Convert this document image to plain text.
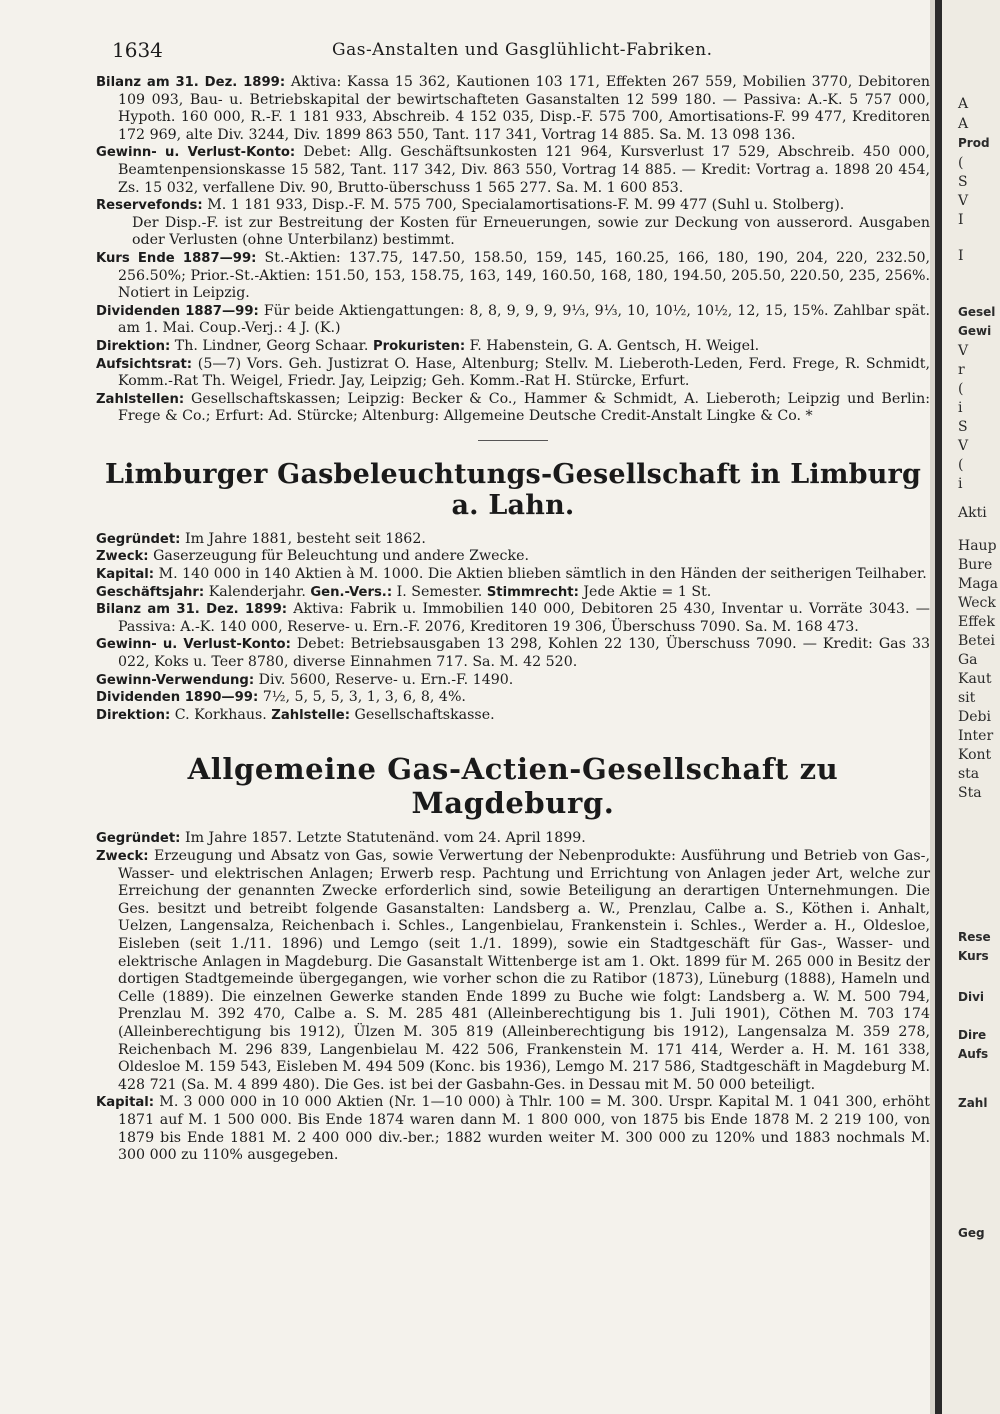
A
A
Prod
(
S
V
I
I
Gesel
Gewi
V
r
(
i
S
V
(
i
Akti
Haup
Bure
Maga
Weck
Effek
Betei
Ga
Kaut
sit
Debi
Inter
Kont
sta
Sta
Rese
Kurs
Divi
Dire
Aufs
Zahl
Geg
1634	Gas-Anstalten und Gasglühlicht-Fabriken.

Bilanz am 31. Dez. 1899: Aktiva: Kassa 15 362, Kautionen 103 171, Effekten 267 559, Mobilien 3770, Debitoren 109 093, Bau- u. Betriebskapital der bewirtschafteten Gasanstalten 12 599 180. — Passiva: A.-K. 5 757 000, Hypoth. 160 000, R.-F. 1 181 933, Abschreib. 4 152 035, Disp.-F. 575 700, Amortisations-F. 99 477, Kreditoren 172 969, alte Div. 3244, Div. 1899 863 550, Tant. 117 341, Vortrag 14 885. Sa. M. 13 098 136.

Gewinn- u. Verlust-Konto: Debet: Allg. Geschäftsunkosten 121 964, Kursverlust 17 529, Abschreib. 450 000, Beamtenpensionskasse 15 582, Tant. 117 342, Div. 863 550, Vortrag 14 885. — Kredit: Vortrag a. 1898 20 454, Zs. 15 032, verfallene Div. 90, Brutto-überschuss 1 565 277. Sa. M. 1 600 853.

Reservefonds: M. 1 181 933, Disp.-F. M. 575 700, Specialamortisations-F. M. 99 477 (Suhl u. Stolberg).

Der Disp.-F. ist zur Bestreitung der Kosten für Erneuerungen, sowie zur Deckung von ausserord. Ausgaben oder Verlusten (ohne Unterbilanz) bestimmt.

Kurs Ende 1887—99: St.-Aktien: 137.75, 147.50, 158.50, 159, 145, 160.25, 166, 180, 190, 204, 220, 232.50, 256.50%; Prior.-St.-Aktien: 151.50, 153, 158.75, 163, 149, 160.50, 168, 180, 194.50, 205.50, 220.50, 235, 256%. Notiert in Leipzig.

Dividenden 1887—99: Für beide Aktiengattungen: 8, 8, 9, 9, 9, 9⅓, 9⅓, 10, 10½, 10½, 12, 15, 15%. Zahlbar spät. am 1. Mai. Coup.-Verj.: 4 J. (K.)

Direktion: Th. Lindner, Georg Schaar. Prokuristen: F. Habenstein, G. A. Gentsch, H. Weigel.

Aufsichtsrat: (5—7) Vors. Geh. Justizrat O. Hase, Altenburg; Stellv. M. Lieberoth-Leden, Ferd. Frege, R. Schmidt, Komm.-Rat Th. Weigel, Friedr. Jay, Leipzig; Geh. Komm.-Rat H. Stürcke, Erfurt.

Zahlstellen: Gesellschaftskassen; Leipzig: Becker & Co., Hammer & Schmidt, A. Lieberoth; Leipzig und Berlin: Frege & Co.; Erfurt: Ad. Stürcke; Altenburg: Allgemeine Deutsche Credit-Anstalt Lingke & Co. *

Limburger Gasbeleuchtungs-Gesellschaft in Limburg a. Lahn.

Gegründet: Im Jahre 1881, besteht seit 1862.

Zweck: Gaserzeugung für Beleuchtung und andere Zwecke.

Kapital: M. 140 000 in 140 Aktien à M. 1000. Die Aktien blieben sämtlich in den Händen der seitherigen Teilhaber.

Geschäftsjahr: Kalenderjahr. Gen.-Vers.: I. Semester. Stimmrecht: Jede Aktie = 1 St.

Bilanz am 31. Dez. 1899: Aktiva: Fabrik u. Immobilien 140 000, Debitoren 25 430, Inventar u. Vorräte 3043. — Passiva: A.-K. 140 000, Reserve- u. Ern.-F. 2076, Kreditoren 19 306, Überschuss 7090. Sa. M. 168 473.

Gewinn- u. Verlust-Konto: Debet: Betriebsausgaben 13 298, Kohlen 22 130, Überschuss 7090. — Kredit: Gas 33 022, Koks u. Teer 8780, diverse Einnahmen 717. Sa. M. 42 520.

Gewinn-Verwendung: Div. 5600, Reserve- u. Ern.-F. 1490.

Dividenden 1890—99: 7½, 5, 5, 5, 3, 1, 3, 6, 8, 4%.

Direktion: C. Korkhaus. Zahlstelle: Gesellschaftskasse.

Allgemeine Gas-Actien-Gesellschaft zu Magdeburg.

Gegründet: Im Jahre 1857. Letzte Statutenänd. vom 24. April 1899.

Zweck: Erzeugung und Absatz von Gas, sowie Verwertung der Nebenprodukte: Ausführung und Betrieb von Gas-, Wasser- und elektrischen Anlagen; Erwerb resp. Pachtung und Errichtung von Anlagen jeder Art, welche zur Erreichung der genannten Zwecke erforderlich sind, sowie Beteiligung an derartigen Unternehmungen. Die Ges. besitzt und betreibt folgende Gasanstalten: Landsberg a. W., Prenzlau, Calbe a. S., Köthen i. Anhalt, Uelzen, Langensalza, Reichenbach i. Schles., Langenbielau, Frankenstein i. Schles., Werder a. H., Oldesloe, Eisleben (seit 1./11. 1896) und Lemgo (seit 1./1. 1899), sowie ein Stadtgeschäft für Gas-, Wasser- und elektrische Anlagen in Magdeburg. Die Gasanstalt Wittenberge ist am 1. Okt. 1899 für M. 265 000 in Besitz der dortigen Stadtgemeinde übergegangen, wie vorher schon die zu Ratibor (1873), Lüneburg (1888), Hameln und Celle (1889). Die einzelnen Gewerke standen Ende 1899 zu Buche wie folgt: Landsberg a. W. M. 500 794, Prenzlau M. 392 470, Calbe a. S. M. 285 481 (Alleinberechtigung bis 1. Juli 1901), Cöthen M. 703 174 (Alleinberechtigung bis 1912), Ülzen M. 305 819 (Alleinberechtigung bis 1912), Langensalza M. 359 278, Reichenbach M. 296 839, Langenbielau M. 422 506, Frankenstein M. 171 414, Werder a. H. M. 161 338, Oldesloe M. 159 543, Eisleben M. 494 509 (Konc. bis 1936), Lemgo M. 217 586, Stadtgeschäft in Magdeburg M. 428 721 (Sa. M. 4 899 480). Die Ges. ist bei der Gasbahn-Ges. in Dessau mit M. 50 000 beteiligt.

Kapital: M. 3 000 000 in 10 000 Aktien (Nr. 1—10 000) à Thlr. 100 = M. 300. Urspr. Kapital M. 1 041 300, erhöht 1871 auf M. 1 500 000. Bis Ende 1874 waren dann M. 1 800 000, von 1875 bis Ende 1878 M. 2 219 100, von 1879 bis Ende 1881 M. 2 400 000 div.-ber.; 1882 wurden weiter M. 300 000 zu 120% und 1883 nochmals M. 300 000 zu 110% ausgegeben.
